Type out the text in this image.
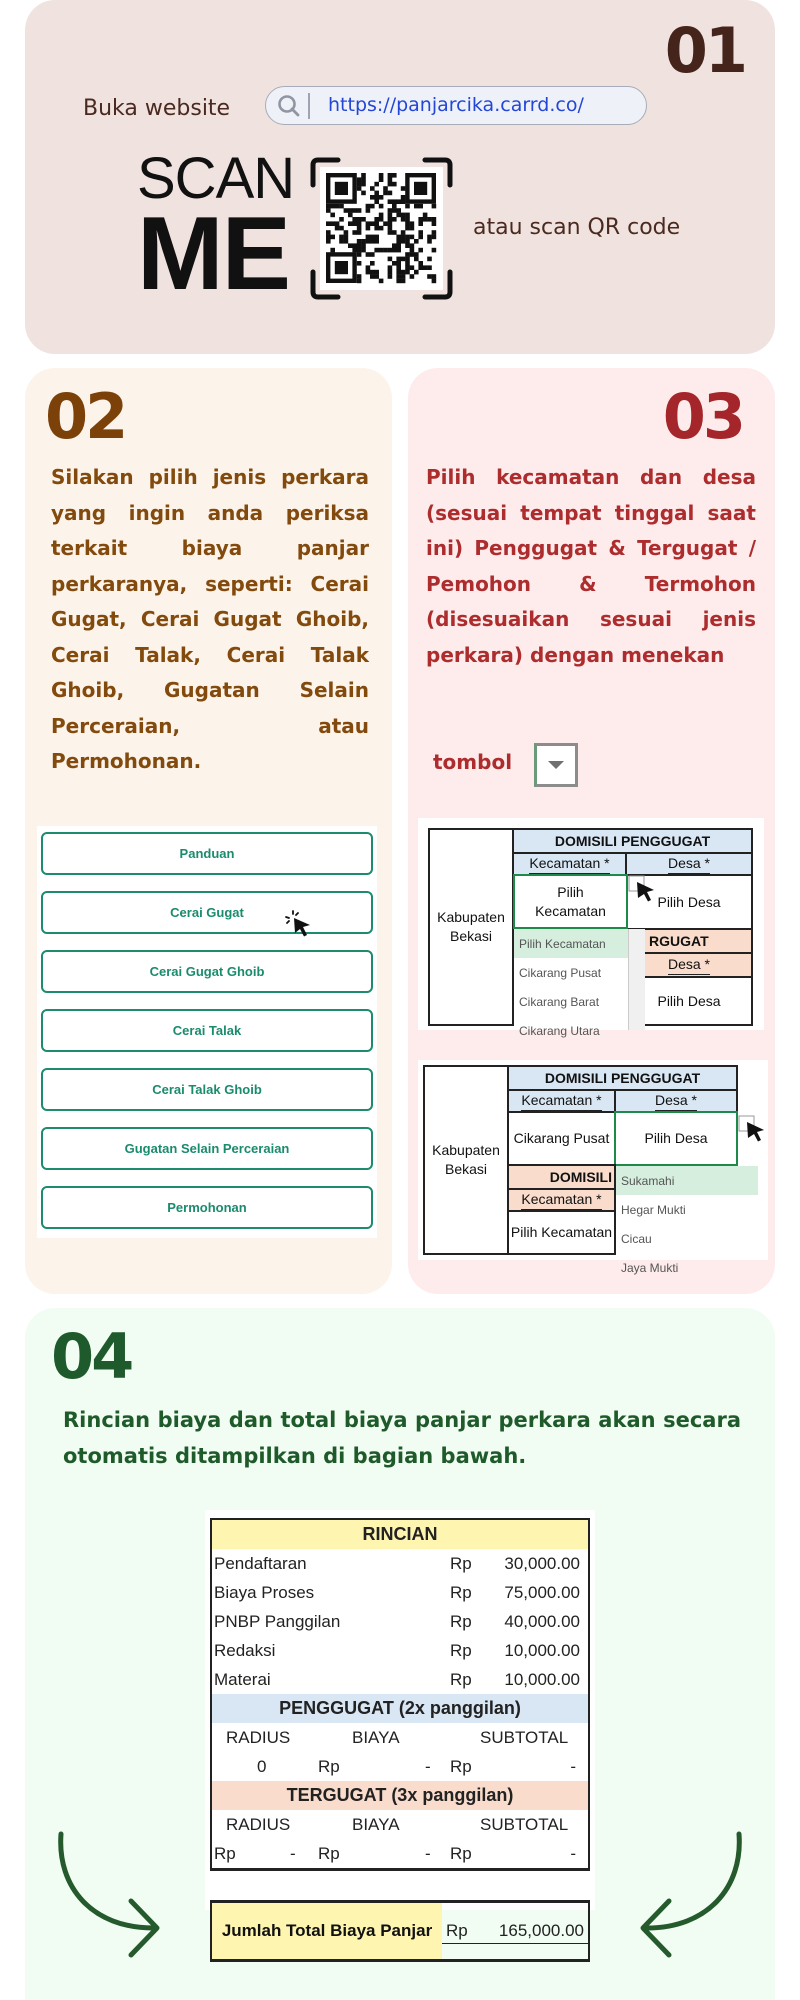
01
Buka website	https://panjarcika.carrd.co/
SCAN
ME	atau scan QR code
02

Silakan pilih jenis perkara yang ingin anda periksa terkait biaya panjar perkaranya, seperti: Cerai Gugat, Cerai Gugat Ghoib, Cerai Talak, Cerai Talak Ghoib, Gugatan Selain Perceraian, atau Permohonan.

Panduan
Cerai Gugat
Cerai Gugat Ghoib
Cerai Talak
Cerai Talak Ghoib
Gugatan Selain Perceraian
Permohonan
03

Pilih kecamatan dan desa (sesuai tempat tinggal saat ini) Penggugat & Tergugat / Pemohon & Termohon (disesuaikan sesuai jenis perkara) dengan menekan

tombol
Kabupaten Bekasi
DOMISILI PENGGUGAT
Kecamatan *	Desa *
Pilih Desa
RGUGAT
Desa *
Pilih Desa
Pilih Kecamatan
Pilih Kecamatan
Cikarang Pusat
Cikarang Barat
Cikarang Utara
Kabupaten Bekasi
DOMISILI PENGGUGAT
Kecamatan *	Desa *
Cikarang Pusat	Pilih Desa
DOMISILI
Kecamatan *
Pilih Kecamatan
Sukamahi
Hegar Mukti
Cicau
Jaya Mukti
04

Rincian biaya dan total biaya panjar perkara akan secara otomatis ditampilkan di bagian bawah.

RINCIAN
Pendaftaran	Rp 30,000.00
Biaya Proses	Rp 75,000.00
PNBP Panggilan	Rp 40,000.00
Redaksi	Rp 10,000.00
Materai	Rp 10,000.00
PENGGUGAT (2x panggilan)
RADIUS	BIAYA	SUBTOTAL
0	Rp	- Rp	-
TERGUGAT (3x panggilan)
RADIUS	BIAYA	SUBTOTAL
Rp	- Rp	- Rp	-
Jumlah Total Biaya Panjar Rp 165,000.00
